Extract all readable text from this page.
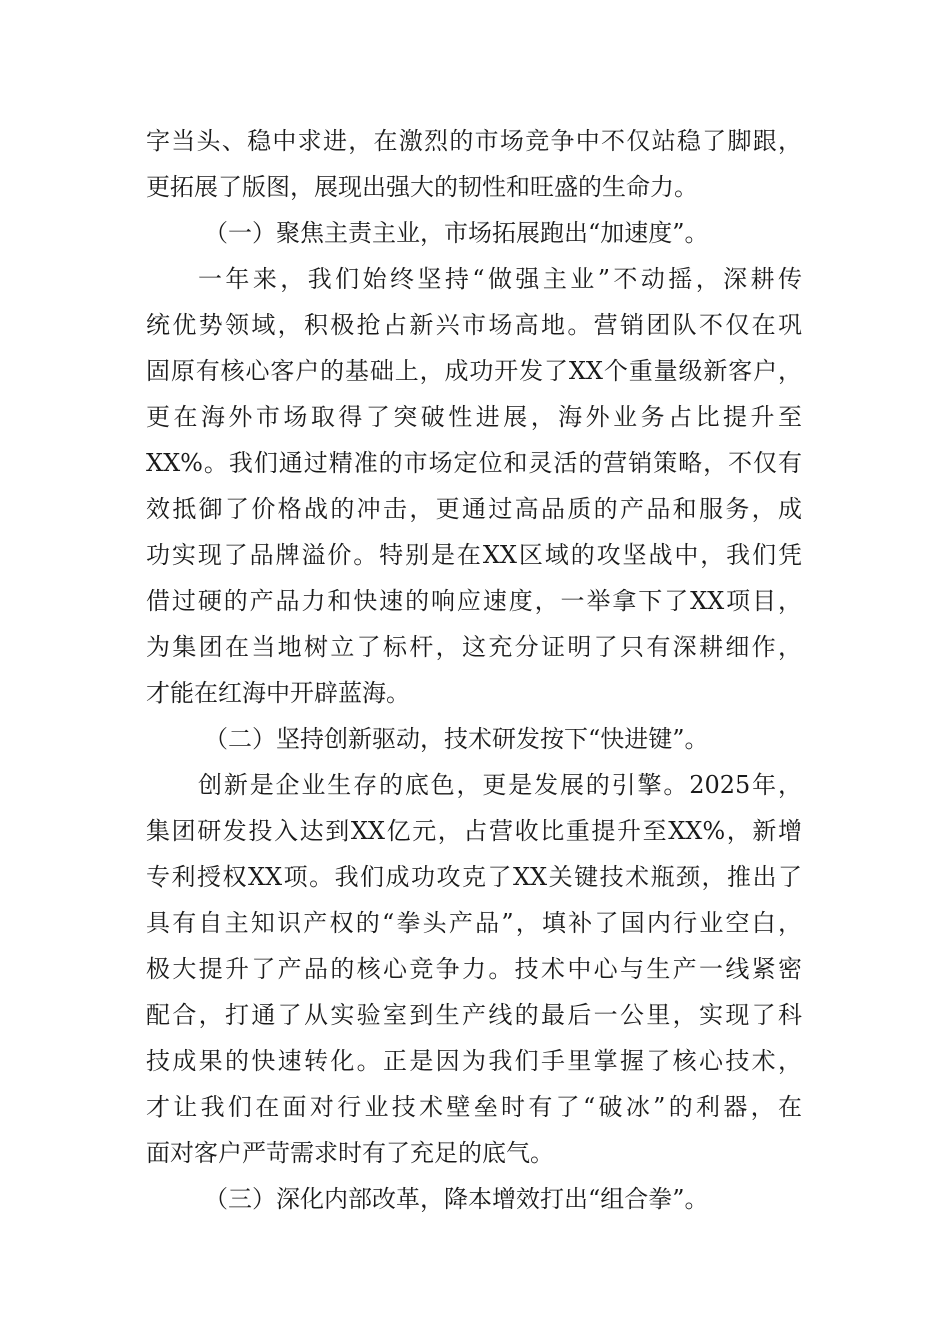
字当头、稳中求进，在激烈的市场竞争中不仅站稳了脚跟，
更拓展了版图，展现出强大的韧性和旺盛的生命力。
（一）聚焦主责主业，市场拓展跑出“加速度”。
一年来，我们始终坚持“做强主业”不动摇，深耕传
统优势领域，积极抢占新兴市场高地。营销团队不仅在巩
固原有核心客户的基础上，成功开发了XX个重量级新客户，
更在海外市场取得了突破性进展，海外业务占比提升至
XX%。我们通过精准的市场定位和灵活的营销策略，不仅有
效抵御了价格战的冲击，更通过高品质的产品和服务，成
功实现了品牌溢价。特别是在XX区域的攻坚战中，我们凭
借过硬的产品力和快速的响应速度，一举拿下了XX项目，
为集团在当地树立了标杆，这充分证明了只有深耕细作，
才能在红海中开辟蓝海。
（二）坚持创新驱动，技术研发按下“快进键”。
创新是企业生存的底色，更是发展的引擎。2025年，
集团研发投入达到XX亿元，占营收比重提升至XX%，新增
专利授权XX项。我们成功攻克了XX关键技术瓶颈，推出了
具有自主知识产权的“拳头产品”，填补了国内行业空白，
极大提升了产品的核心竞争力。技术中心与生产一线紧密
配合，打通了从实验室到生产线的最后一公里，实现了科
技成果的快速转化。正是因为我们手里掌握了核心技术，
才让我们在面对行业技术壁垒时有了“破冰”的利器，在
面对客户严苛需求时有了充足的底气。
（三）深化内部改革，降本增效打出“组合拳”。
